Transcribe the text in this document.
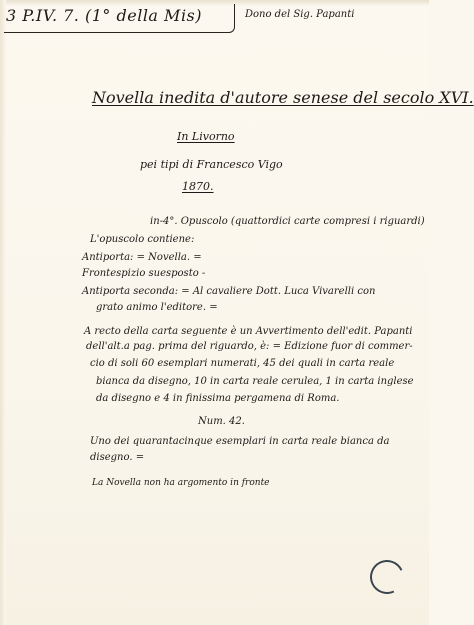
3 P.IV. 7. (1° della Mis)	Dono del Sig. Papanti
Novella inedita d'autore senese del secolo XVI.
In Livorno
pei tipi di Francesco Vigo
1870.
in-4°. Opuscolo (quattordici carte compresi i riguardi)
L'opuscolo contiene:
Antiporta: = Novella. =
Frontespizio suesposto -
Antiporta seconda: = Al cavaliere Dott. Luca Vivarelli con
grato animo l'editore. =
A recto della carta seguente è un Avvertimento dell'edit. Papanti
dell'alt.a pag. prima del riguardo, è: = Edizione fuor di commer-
cio di soli 60 esemplari numerati, 45 dei quali in carta reale
bianca da disegno, 10 in carta reale cerulea, 1 in carta inglese
da disegno e 4 in finissima pergamena di Roma.
Num. 42.
Uno dei quarantacinque esemplari in carta reale bianca da
disegno. =
La Novella non ha argomento in fronte
